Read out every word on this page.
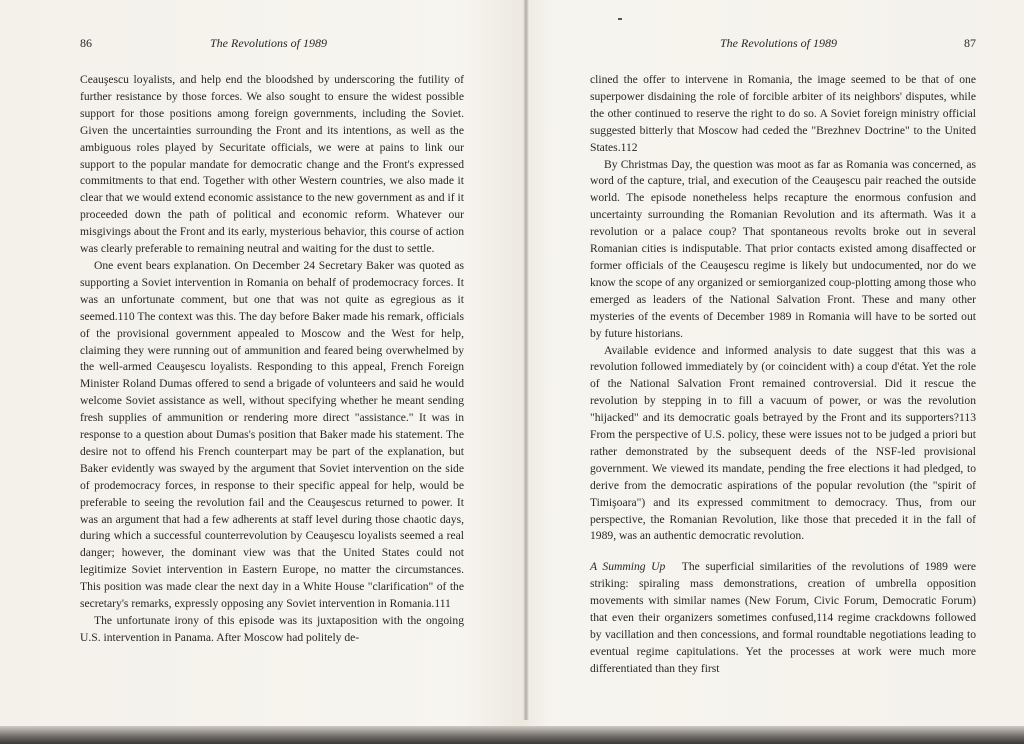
86	The Revolutions of 1989

Ceauşescu loyalists, and help end the bloodshed by underscoring the futility of further resistance by those forces. We also sought to ensure the widest possible support for those positions among foreign governments, including the Soviet. Given the uncertainties surrounding the Front and its intentions, as well as the ambiguous roles played by Securitate officials, we were at pains to link our support to the popular mandate for democratic change and the Front's expressed commitments to that end. Together with other Western countries, we also made it clear that we would extend economic assistance to the new government as and if it proceeded down the path of political and economic reform. Whatever our misgivings about the Front and its early, mysterious behavior, this course of action was clearly preferable to remaining neutral and waiting for the dust to settle.

One event bears explanation. On December 24 Secretary Baker was quoted as supporting a Soviet intervention in Romania on behalf of prodemocracy forces. It was an unfortunate comment, but one that was not quite as egregious as it seemed.110 The context was this. The day before Baker made his remark, officials of the provisional government appealed to Moscow and the West for help, claiming they were running out of ammunition and feared being overwhelmed by the well-armed Ceauşescu loyalists. Responding to this appeal, French Foreign Minister Roland Dumas offered to send a brigade of volunteers and said he would welcome Soviet assistance as well, without specifying whether he meant sending fresh supplies of ammunition or rendering more direct "assistance." It was in response to a question about Dumas's position that Baker made his statement. The desire not to offend his French counterpart may be part of the explanation, but Baker evidently was swayed by the argument that Soviet intervention on the side of prodemocracy forces, in response to their specific appeal for help, would be preferable to seeing the revolution fail and the Ceauşescus returned to power. It was an argument that had a few adherents at staff level during those chaotic days, during which a successful counterrevolution by Ceauşescu loyalists seemed a real danger; however, the dominant view was that the United States could not legitimize Soviet intervention in Eastern Europe, no matter the circumstances. This position was made clear the next day in a White House "clarification" of the secretary's remarks, expressly opposing any Soviet intervention in Romania.111

The unfortunate irony of this episode was its juxtaposition with the ongoing U.S. intervention in Panama. After Moscow had politely de-

The Revolutions of 1989	87

clined the offer to intervene in Romania, the image seemed to be that of one superpower disdaining the role of forcible arbiter of its neighbors' disputes, while the other continued to reserve the right to do so. A Soviet foreign ministry official suggested bitterly that Moscow had ceded the "Brezhnev Doctrine" to the United States.112

By Christmas Day, the question was moot as far as Romania was concerned, as word of the capture, trial, and execution of the Ceauşescu pair reached the outside world. The episode nonetheless helps recapture the enormous confusion and uncertainty surrounding the Romanian Revolution and its aftermath. Was it a revolution or a palace coup? That spontaneous revolts broke out in several Romanian cities is indisputable. That prior contacts existed among disaffected or former officials of the Ceauşescu regime is likely but undocumented, nor do we know the scope of any organized or semiorganized coup-plotting among those who emerged as leaders of the National Salvation Front. These and many other mysteries of the events of December 1989 in Romania will have to be sorted out by future historians.

Available evidence and informed analysis to date suggest that this was a revolution followed immediately by (or coincident with) a coup d'état. Yet the role of the National Salvation Front remained controversial. Did it rescue the revolution by stepping in to fill a vacuum of power, or was the revolution "hijacked" and its democratic goals betrayed by the Front and its supporters?113 From the perspective of U.S. policy, these were issues not to be judged a priori but rather demonstrated by the subsequent deeds of the NSF-led provisional government. We viewed its mandate, pending the free elections it had pledged, to derive from the democratic aspirations of the popular revolution (the "spirit of Timişoara") and its expressed commitment to democracy. Thus, from our perspective, the Romanian Revolution, like those that preceded it in the fall of 1989, was an authentic democratic revolution.

A Summing Up The superficial similarities of the revolutions of 1989 were striking: spiraling mass demonstrations, creation of umbrella opposition movements with similar names (New Forum, Civic Forum, Democratic Forum) that even their organizers sometimes confused,114 regime crackdowns followed by vacillation and then concessions, and formal roundtable negotiations leading to eventual regime capitulations. Yet the processes at work were much more differentiated than they first
